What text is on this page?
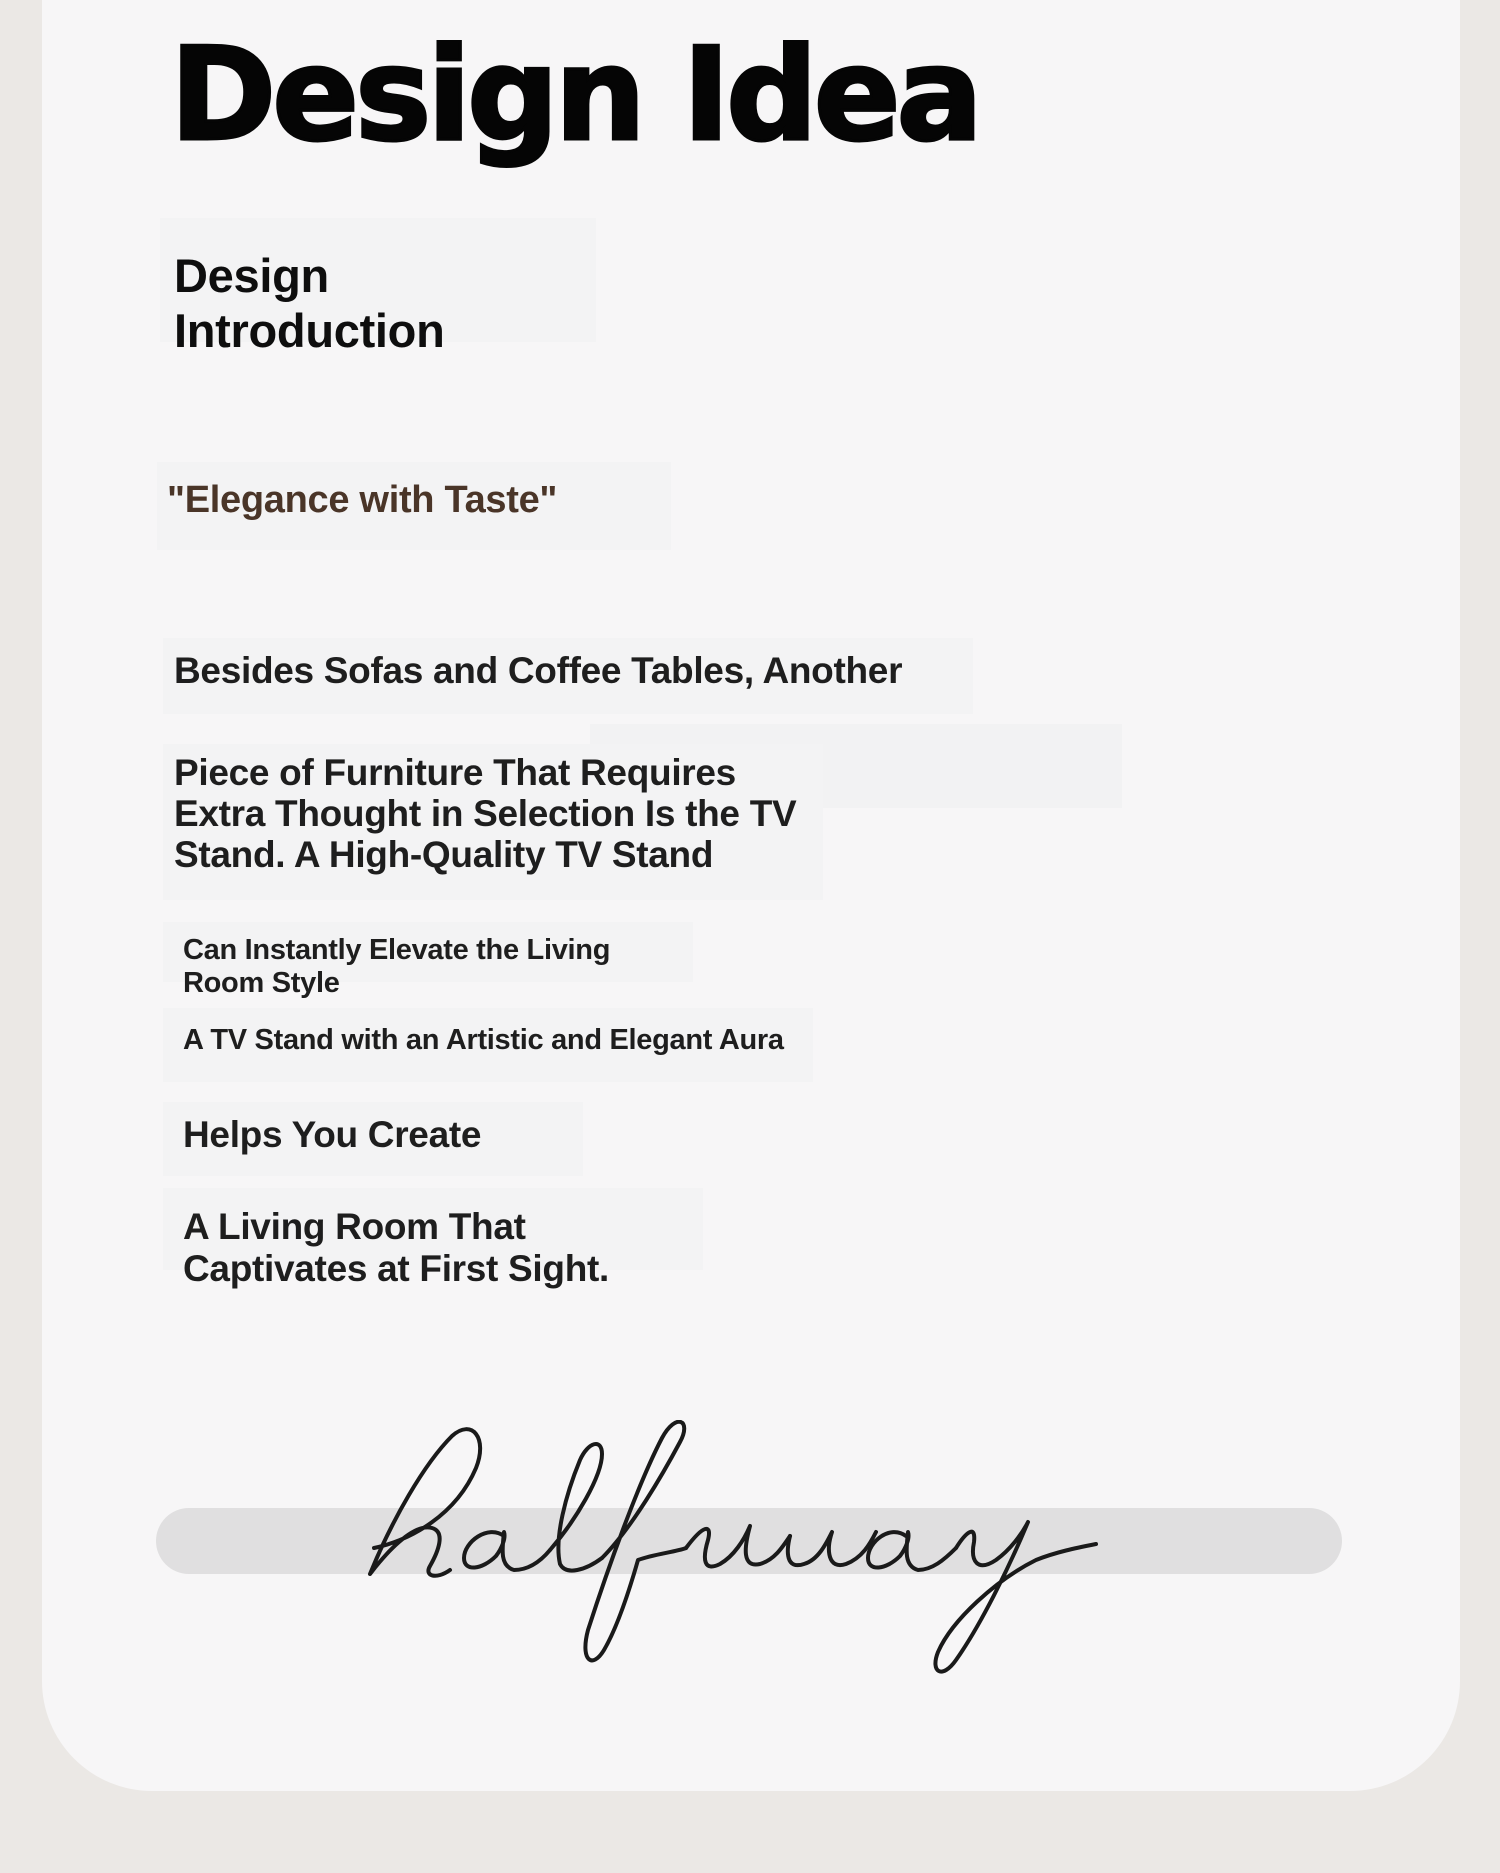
Design Idea
Design Introduction
"Elegance with Taste"
Besides Sofas and Coffee Tables, Another
Piece of Furniture That Requires Extra Thought in Selection Is the TV Stand. A High-Quality TV Stand
Can Instantly Elevate the Living Room Style
A TV Stand with an Artistic and Elegant Aura
Helps You Create
A Living Room That Captivates at First Sight.
